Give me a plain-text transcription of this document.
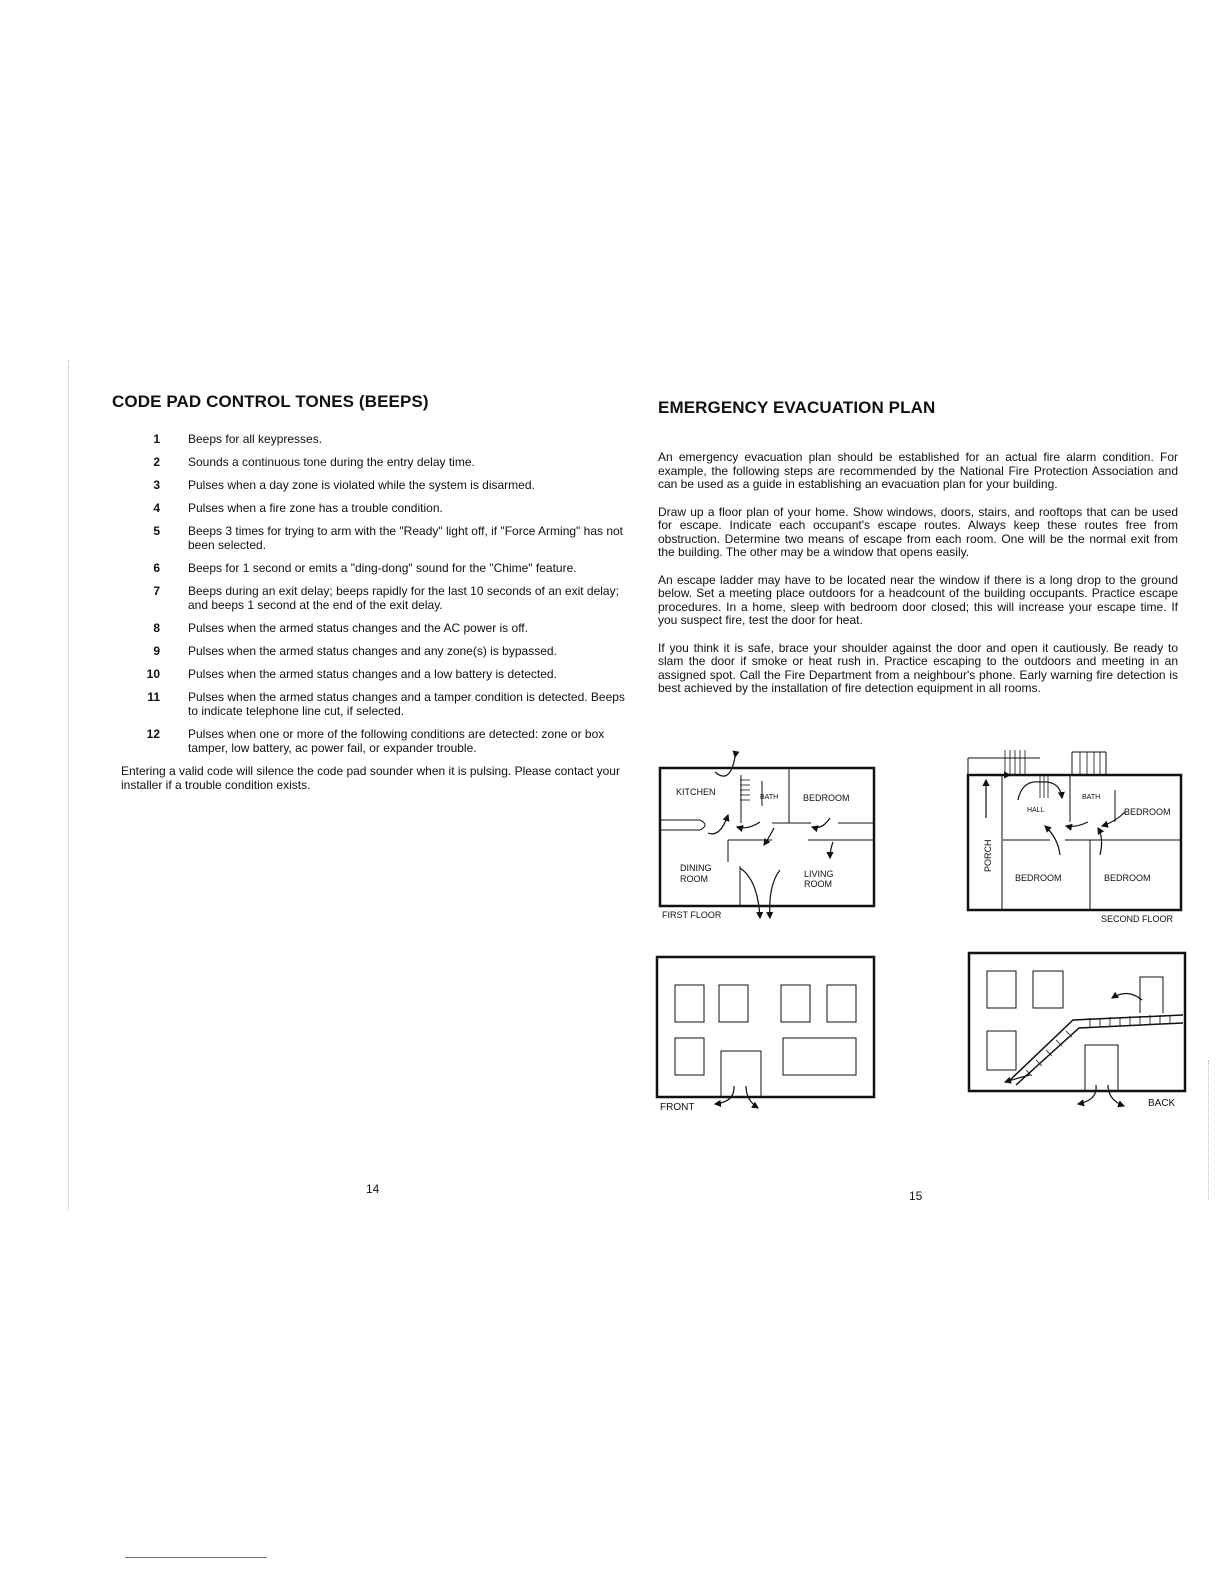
CODE PAD CONTROL TONES (BEEPS)
1	Beeps for all keypresses.
2	Sounds a continuous tone during the entry delay time.
3	Pulses when a day zone is violated while the system is disarmed.
4	Pulses when a fire zone has a trouble condition.
5	Beeps 3 times for trying to arm with the "Ready" light off, if "Force Arming" has not been selected.
6	Beeps for 1 second or emits a "ding-dong" sound for the "Chime" feature.
7	Beeps during an exit delay; beeps rapidly for the last 10 seconds of an exit delay; and beeps 1 second at the end of the exit delay.
8	Pulses when the armed status changes and the AC power is off.
9	Pulses when the armed status changes and any zone(s) is bypassed.
10	Pulses when the armed status changes and a low battery is detected.
11	Pulses when the armed status changes and a tamper condition is detected. Beeps to indicate telephone line cut, if selected.
12	Pulses when one or more of the following conditions are detected: zone or box tamper, low battery, ac power fail, or expander trouble.
Entering a valid code will silence the code pad sounder when it is pulsing. Please contact your installer if a trouble condition exists.
14
EMERGENCY EVACUATION PLAN

An emergency evacuation plan should be established for an actual fire alarm condition. For example, the following steps are recommended by the National Fire Protection Association and can be used as a guide in establishing an evacuation plan for your building.

Draw up a floor plan of your home. Show windows, doors, stairs, and rooftops that can be used for escape. Indicate each occupant's escape routes. Always keep these routes free from obstruction. Determine two means of escape from each room. One will be the normal exit from the building. The other may be a window that opens easily.

An escape ladder may have to be located near the window if there is a long drop to the ground below. Set a meeting place outdoors for a headcount of the building occupants. Practice escape procedures. In a home, sleep with bedroom door closed; this will increase your escape time. If you suspect fire, test the door for heat.

If you think it is safe, brace your shoulder against the door and open it cautiously. Be ready to slam the door if smoke or heat rush in. Practice escaping to the outdoors and meeting in an assigned spot. Call the Fire Department from a neighbour's phone. Early warning fire detection is best achieved by the installation of fire detection equipment in all rooms.

KITCHEN
BATH	BEDROOM
DINING
ROOM	LIVING
ROOM
FIRST FLOOR
HALL
BATH
BEDROOM
PORCH
BEDROOM	BEDROOM
SECOND FLOOR
FRONT	BACK
15
